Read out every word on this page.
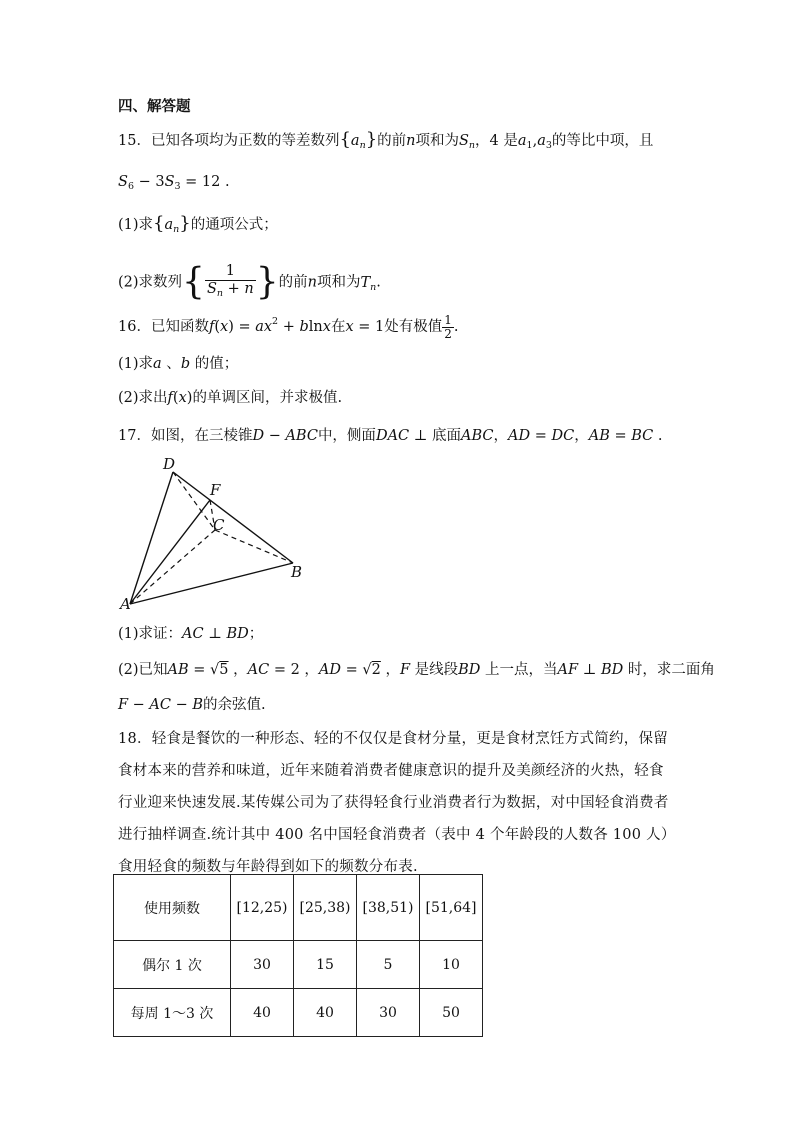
四、解答题
15．已知各项均为正数的等差数列$\{a_n\}$的前n项和为$S_n$，4 是$a_1,a_3$的等比中项，且
$S_6 - 3S_3 = 12$ .
(1)求$\{a_n\}$的通项公式；
(2)求数列{ $\frac{1}{S_n + n}$ }的前n项和为$T_n$.
16．已知函数$f(x) = ax^2 + blnx$在x = 1处有极值 $\frac{1}{2}$ .
(1)求a 、b 的值；
(2)求出f(x)的单调区间，并求极值.
17．如图，在三棱锥D − ABC中，侧面DAC ⊥ 底面ABC，AD = DC，AB = BC .
D
F
C
B
A
(1)求证：AC ⊥ BD；
(2)已知AB = √5 ，AC = 2 ，AD = √2 ，F 是线段BD 上一点，当AF ⊥ BD 时，求二面角
F − AC − B的余弦值.
18．轻食是餐饮的一种形态、轻的不仅仅是食材分量，更是食材烹饪方式简约，保留食材本来的营养和味道，近年来随着消费者健康意识的提升及美颜经济的火热，轻食行业迎来快速发展.某传媒公司为了获得轻食行业消费者行为数据，对中国轻食消费者进行抽样调查.统计其中 400 名中国轻食消费者（表中 4 个年龄段的人数各 100 人）食用轻食的频数与年龄得到如下的频数分布表.
使用频数	[12,25)	[25,38)	[38,51)	[51,64]
偶尔 1 次	30	15	5	10
每周 1～3 次	40	40	30	50
